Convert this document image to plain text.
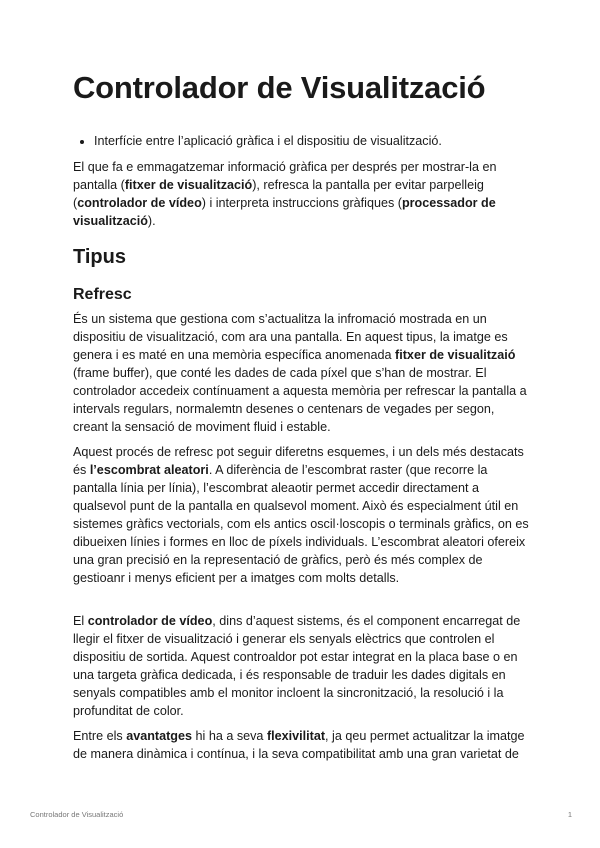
Controlador de Visualització
• Interfície entre l’aplicació gràfica i el dispositiu de visualització.

El que fa e emmagatzemar informació gràfica per després per mostrar-la en pantalla (fitxer de visualització), refresca la pantalla per evitar parpelleig (controlador de vídeo) i interpreta instruccions gràfiques (processador de visualització).

Tipus
Refresc

És un sistema que gestiona com s’actualitza la infromació mostrada en un dispositiu de visualització, com ara una pantalla. En aquest tipus, la imatge es genera i es maté en una memòria específica anomenada fitxer de visualitzaió (frame buffer), que conté les dades de cada píxel que s’han de mostrar. El controlador accedeix contínuament a aquesta memòria per refrescar la pantalla a intervals regulars, normalemtn desenes o centenars de vegades per segon, creant la sensació de moviment fluid i estable.

Aquest procés de refresc pot seguir diferetns esquemes, i un dels més destacats és l’escombrat aleatori. A diferència de l’escombrat raster (que recorre la pantalla línia per línia), l’escombrat aleaotir permet accedir directament a qualsevol punt de la pantalla en qualsevol moment. Això és especialment útil en sistemes gràfics vectorials, com els antics oscil·loscopis o terminals gràfics, on es dibueixen línies i formes en lloc de píxels individuals. L’escombrat aleatori ofereix una gran precisió en la representació de gràfics, però és més complex de gestioanr i menys eficient per a imatges com molts detalls.

El controlador de vídeo, dins d’aquest sistems, és el component encarregat de llegir el fitxer de visualització i generar els senyals elèctrics que controlen el dispositiu de sortida. Aquest controaldor pot estar integrat en la placa base o en una targeta gràfica dedicada, i és responsable de traduir les dades digitals en senyals compatibles amb el monitor incloent la sincronització, la resolució i la profunditat de color.

Entre els avantatges hi ha a seva flexivilitat, ja qeu permet actualitzar la imatge de manera dinàmica i contínua, i la seva compatibilitat amb una gran varietat de

Controlador de Visualització	1
